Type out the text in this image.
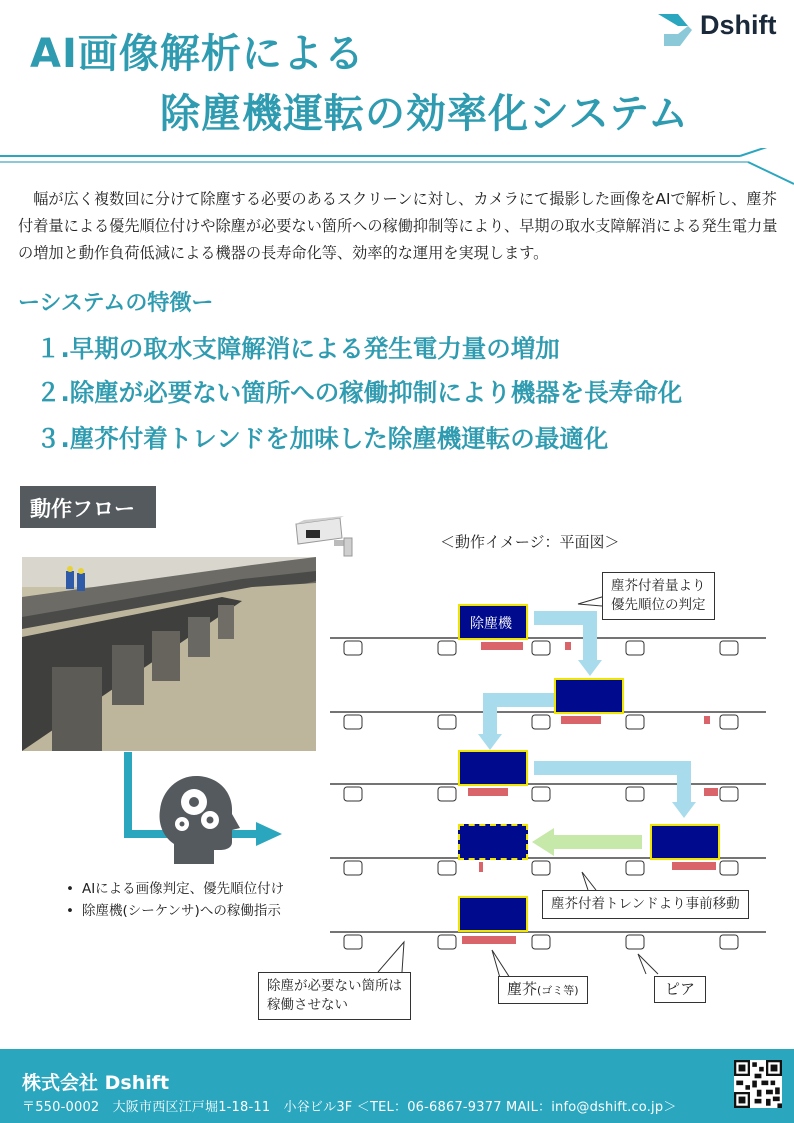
AI画像解析による
除塵機運転の効率化システム
Dshift

幅が広く複数回に分けて除塵する必要のあるスクリーンに対し、カメラにて撮影した画像をAIで解析し、塵芥付着量による優先順位付けや除塵が必要ない箇所への稼働抑制等により、早期の取水支障解消による発生電力量の増加と動作負荷低減による機器の長寿命化等、効率的な運用を実現します。

ーシステムの特徴ー
１.早期の取水支障解消による発生電力量の増加
２.除塵が必要ない箇所への稼働抑制により機器を長寿命化
３.塵芥付着トレンドを加味した除塵機運転の最適化
動作フロー
• AIによる画像判定、優先順位付け
• 除塵機(シーケンサ)への稼働指示
＜動作イメージ：平面図＞
除塵機
塵芥付着量より
優先順位の判定
塵芥付着トレンドより事前移動
除塵が必要ない箇所は
稼働させない
塵芥(ゴミ等)	ピア
株式会社 Dshift
〒550-0002　大阪市西区江戸堀1-18-11　小谷ビル3F ＜TEL：06-6867-9377 MAIL：info@dshift.co.jp＞
